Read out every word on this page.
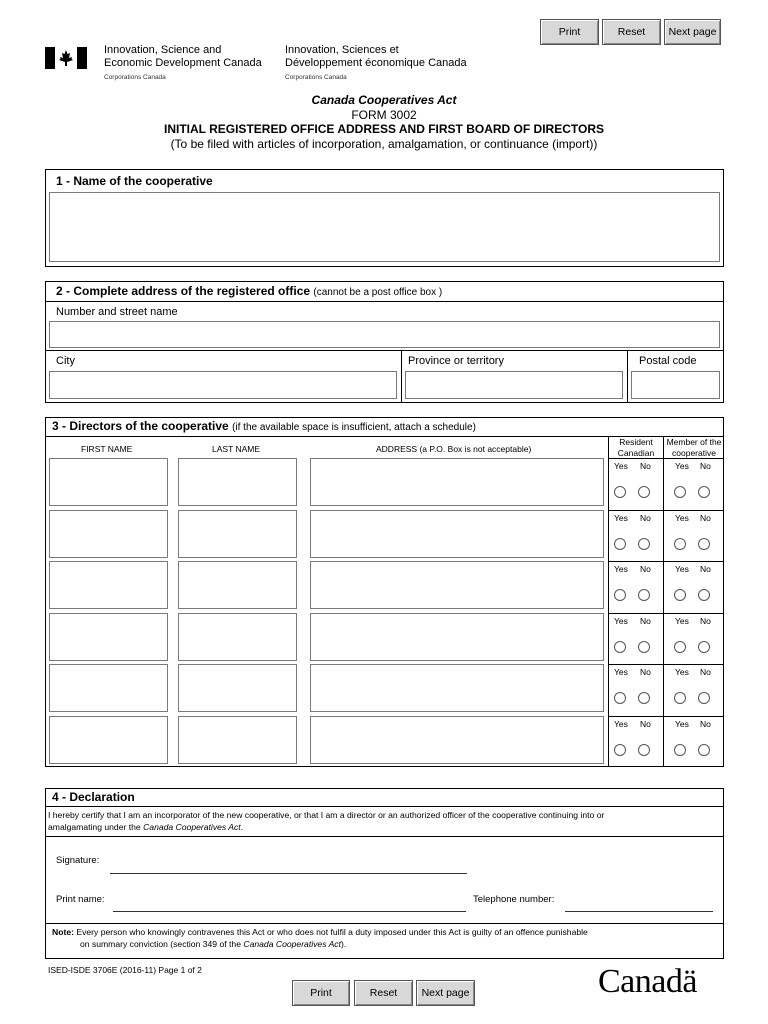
Print	Reset	Next page
Innovation, Science and
Economic Development Canada
Corporations Canada
Innovation, Sciences et
Développement économique Canada
Corporations Canada
Canada Cooperatives Act
FORM 3002
INITIAL REGISTERED OFFICE ADDRESS AND FIRST BOARD OF DIRECTORS
(To be filed with articles of incorporation, amalgamation, or continuance (import))
1 - Name of the cooperative
2 - Complete address of the registered office (cannot be a post office box )
Number and street name
City	Province or territory	Postal code
3 - Directors of the cooperative (if the available space is insufficient, attach a schedule)
FIRST NAME	LAST NAME	ADDRESS (a P.O. Box is not acceptable)
Resident
Canadian
Member of the
cooperative
Yes No	Yes No
Yes No	Yes No
Yes No	Yes No
Yes No	Yes No
Yes No	Yes No
Yes No	Yes No
4 - Declaration
I hereby certify that I am an incorporator of the new cooperative, or that I am a director or an authorized officer of the cooperative continuing into or
amalgamating under the Canada Cooperatives Act.
Signature:
Print name:	Telephone number:
Note: Every person who knowingly contravenes this Act or who does not fulfil a duty imposed under this Act is guilty of an offence punishable
on summary conviction (section 349 of the Canada Cooperatives Act).
ISED-ISDE 3706E (2016-11) Page 1 of 2
Print	Reset	Next page	Canadä
